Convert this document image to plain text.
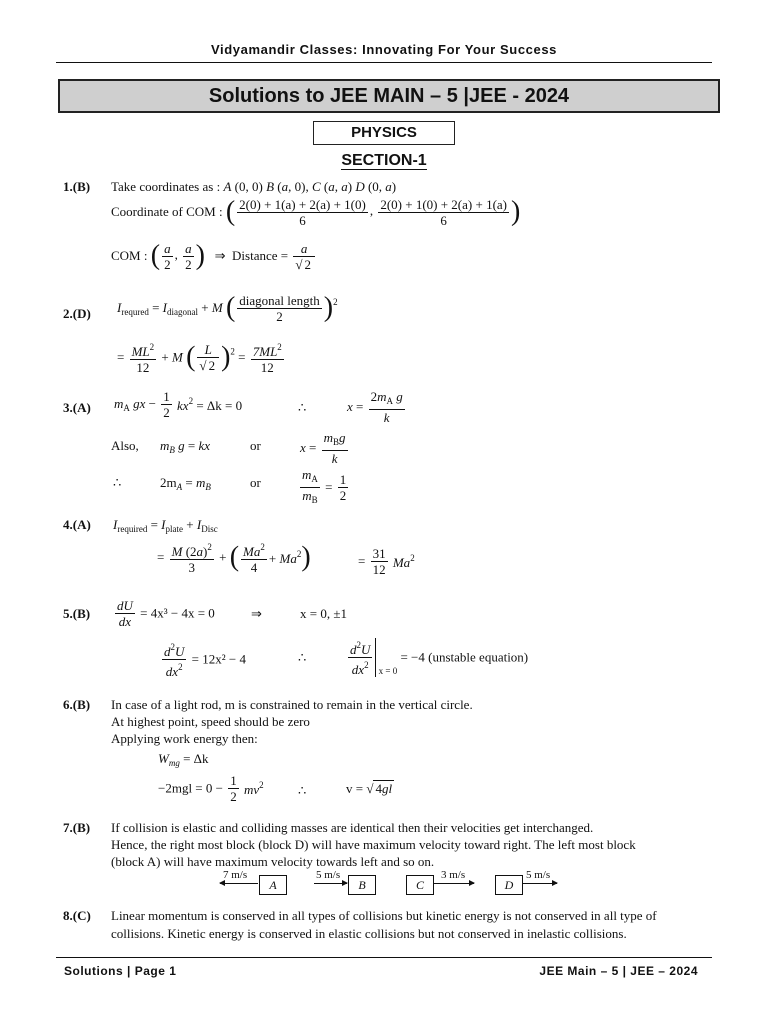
Vidyamandir Classes: Innovating For Your Success
Solutions to JEE MAIN – 5 |JEE - 2024
PHYSICS
SECTION-1
1.(B) Take coordinates as : A (0, 0) B (a, 0), C (a, a) D (0, a)
Coordinate of COM : ( $\frac{2(0) + 1(a) + 2(a) + 1(0)}{6}$ , $\frac{2(0) + 1(0) + 2(a) + 1(a)}{6}$ )
COM : ( $\frac{a}{2}$ , $\frac{a}{2}$ ) ⇒ Distance = $\frac{a}{√ 2}$
2.(D) $I_{requred} = I_{diagonal} + M$ ( $\frac{\text{diagonal length}}{2} )^2$
= $\frac{ML^2}{12} + M$ ( $\frac{L}{√ 2} )^2 = \frac{7ML^2}{12}$
3.(A) $m_A$ gx − $\frac{1}{2} kx^2 = \Delta k = 0$	∴	$x = \frac{2m_A g}{k}$
Also, $m_B$ g = kx	or	$x = \frac{m_Bg}{k}$
∴	$2m_A = m_B$	or	$\frac{m_A}{m_B} = \frac{1}{2}$
4.(A) $I_{required} = I_{plate} + I_{Disc}$
= $\frac{M (2a)^2}{3}$ + ( $\frac{Ma^2}{4} + Ma^2$)	= $\frac{31}{12} Ma^2$
$5.(B) \frac{dU}{dx} = 4x^3 - 4x = 0$	⇒	x = 0, ±1
$\frac{d^2U}{dx^2} = 12x^2 - 4$	∴	$\frac{d^2U}{dx^2} _{x = 0} = -4$ (unstable equation)
6.(B) In case of a light rod, m is constrained to remain in the vertical circle.
At highest point, speed should be zero
Applying work energy then:
$W_{mg} = \Delta k$
$-2mgl = 0 - \frac{1}{2} mv^2$	∴	v = √ 4gl
7.(B) If collision is elastic and colliding masses are identical then their velocities get interchanged.
Hence, the right most block (block D) will have maximum velocity toward right. The left most block
(block A) will have maximum velocity towards left and so on.
7 m/s
A
5 m/s
B	C
3 m/s
D
5 m/s
8.(C) Linear momentum is conserved in all types of collisions but kinetic energy is not conserved in all type of
collisions. Kinetic energy is conserved in elastic collisions but not conserved in inelastic collisions.
Solutions | Page 1	JEE Main – 5 | JEE – 2024
